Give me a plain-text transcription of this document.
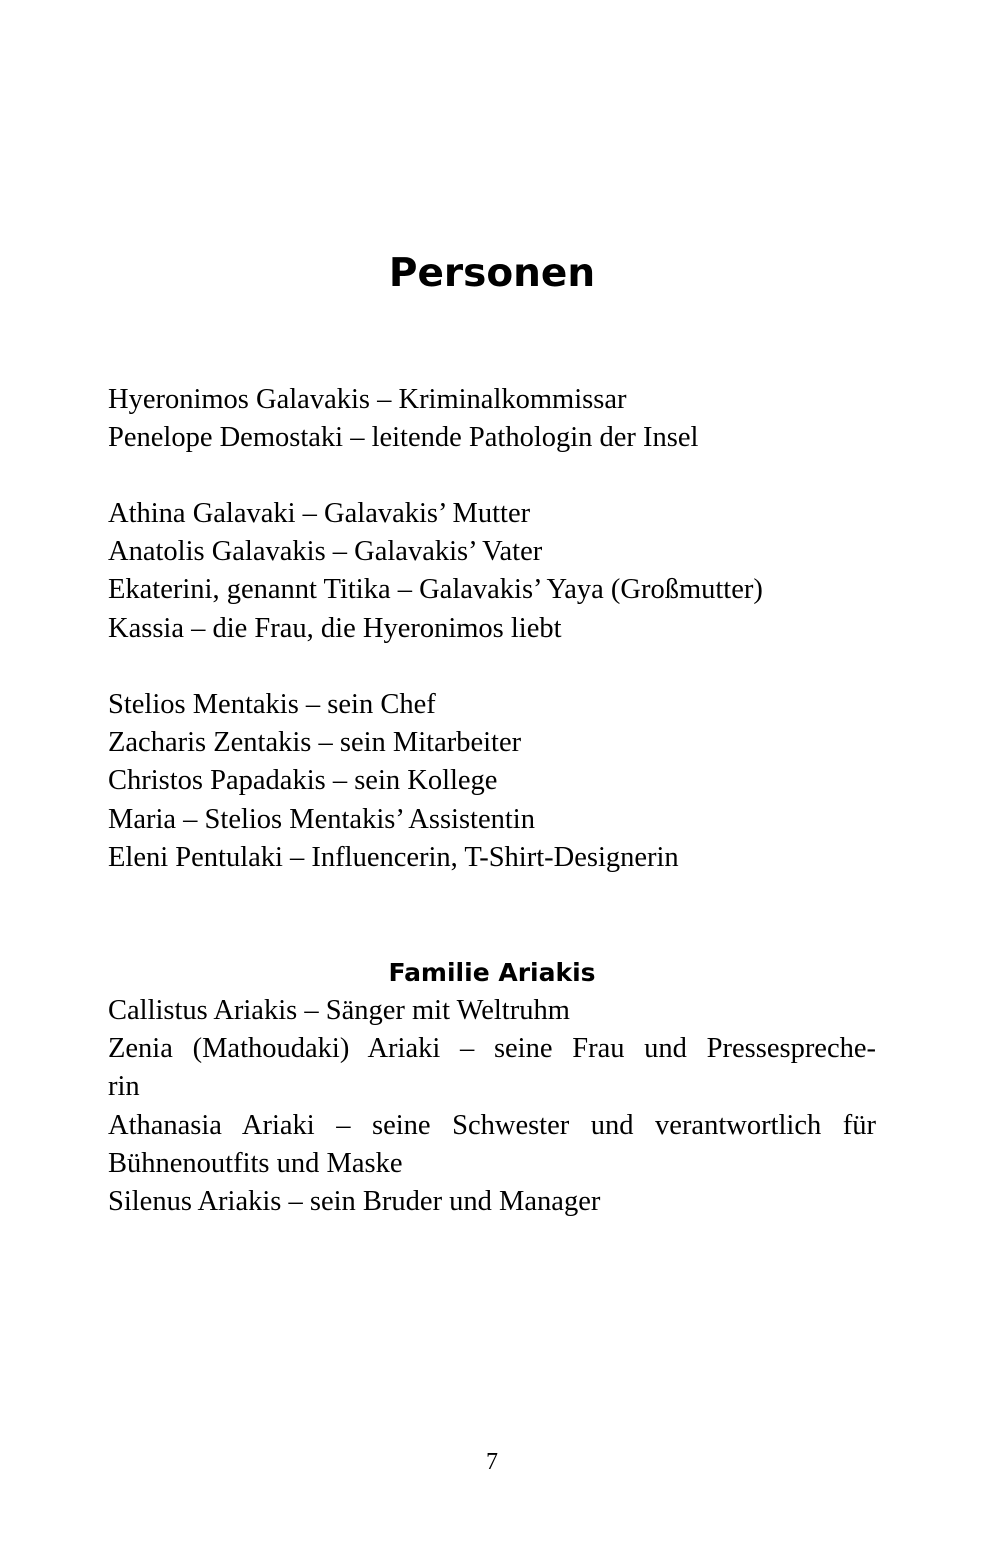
Personen
Hyeronimos Galavakis – Kriminalkommissar
Penelope Demostaki – leitende Pathologin der Insel
Athina Galavaki – Galavakis’ Mutter
Anatolis Galavakis – Galavakis’ Vater
Ekaterini, genannt Titika – Galavakis’ Yaya (Großmutter)
Kassia – die Frau, die Hyeronimos liebt
Stelios Mentakis – sein Chef
Zacharis Zentakis – sein Mitarbeiter
Christos Papadakis – sein Kollege
Maria – Stelios Mentakis’ Assistentin
Eleni Pentulaki – Influencerin, T-Shirt-Designerin
Familie Ariakis
Callistus Ariakis – Sänger mit Weltruhm
Zenia (Mathoudaki) Ariaki – seine Frau und Pressespreche-
rin
Athanasia Ariaki – seine Schwester und verantwortlich für
Bühnenoutfits und Maske
Silenus Ariakis – sein Bruder und Manager
7
